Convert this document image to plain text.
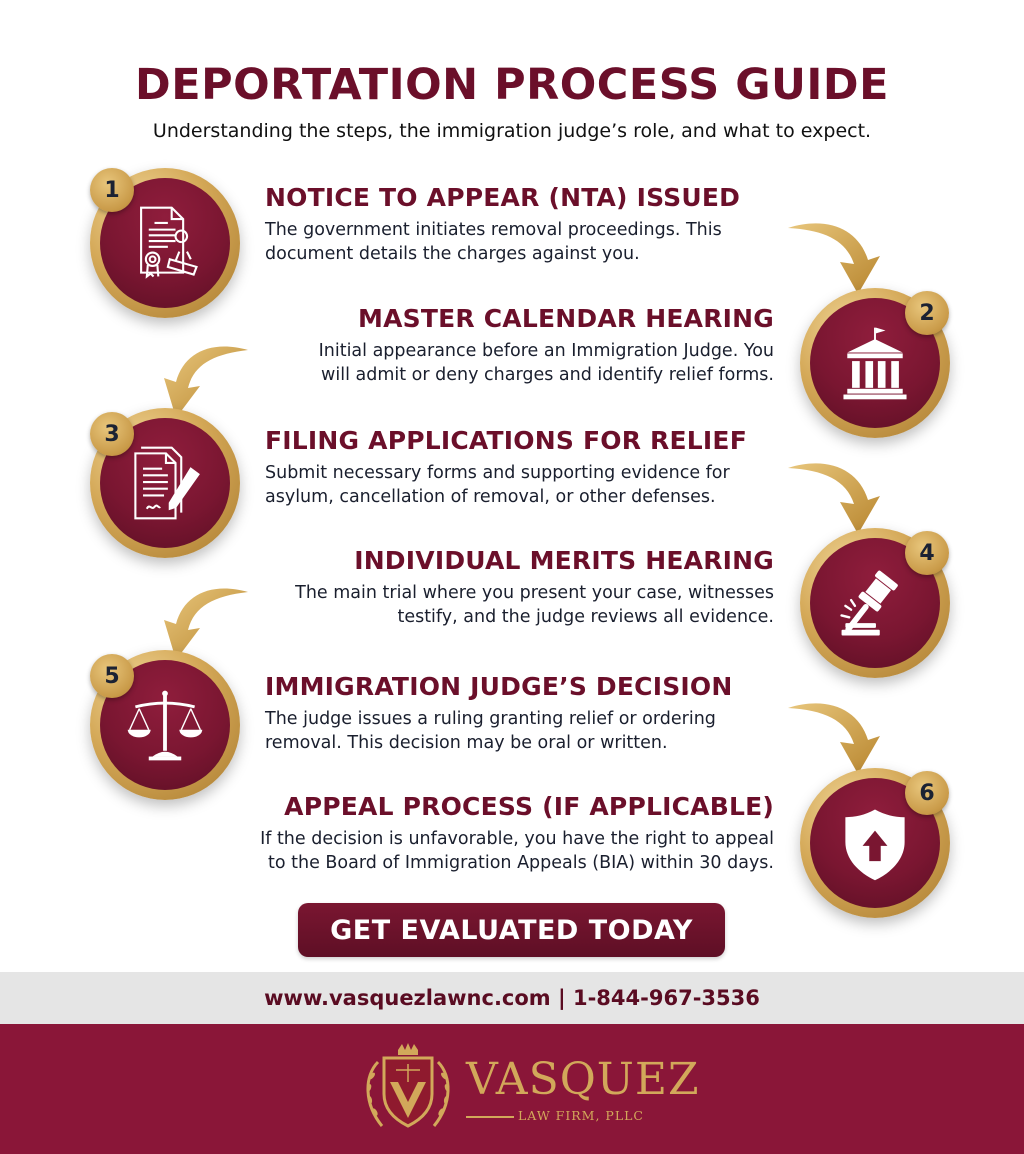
DEPORTATION PROCESS GUIDE
Understanding the steps, the immigration judge’s role, and what to expect.
1	NOTICE TO APPEAR (NTA) ISSUED
The government initiates removal proceedings. This
document details the charges against you.
2
MASTER CALENDAR HEARING
Initial appearance before an Immigration Judge. You
will admit or deny charges and identify relief forms.
3	FILING APPLICATIONS FOR RELIEF
Submit necessary forms and supporting evidence for
asylum, cancellation of removal, or other defenses.
4
INDIVIDUAL MERITS HEARING
The main trial where you present your case, witnesses
testify, and the judge reviews all evidence.
5	IMMIGRATION JUDGE’S DECISION
The judge issues a ruling granting relief or ordering
removal. This decision may be oral or written.
6
APPEAL PROCESS (IF APPLICABLE)
If the decision is unfavorable, you have the right to appeal
to the Board of Immigration Appeals (BIA) within 30 days.
GET EVALUATED TODAY
www.vasquezlawnc.com | 1-844-967-3536
VASQUEZ
LAW FIRM, PLLC
